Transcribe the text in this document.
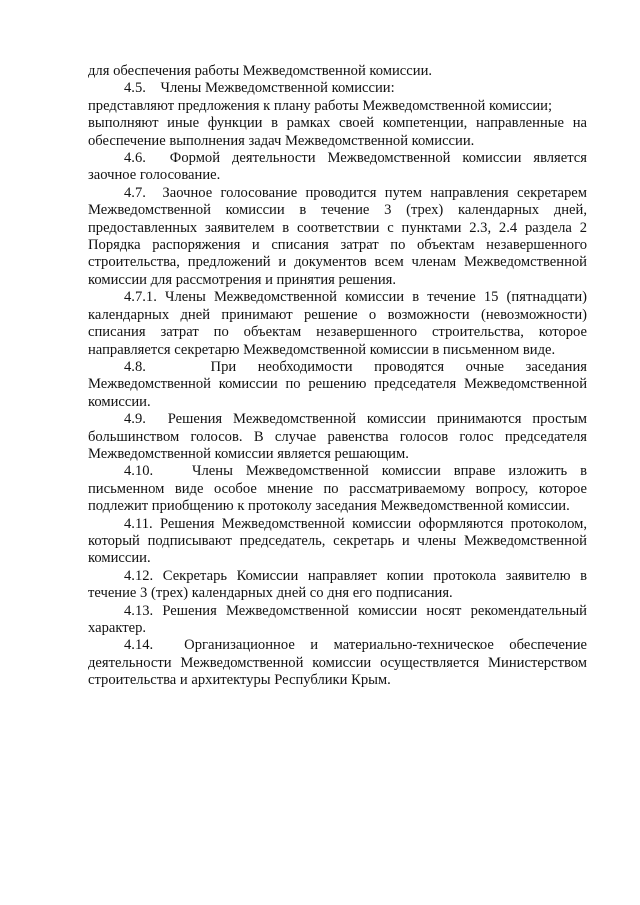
для обеспечения работы Межведомственной комиссии.

4.5.    Члены Межведомственной комиссии:

представляют предложения к плану работы Межведомственной комиссии;

выполняют иные функции в рамках своей компетенции, направленные на обеспечение выполнения задач Межведомственной комиссии.

4.6.  Формой деятельности Межведомственной комиссии является заочное голосование.

4.7.  Заочное голосование проводится путем направления секретарем Межведомственной комиссии в течение 3 (трех) календарных дней, предоставленных заявителем в соответствии с пунктами 2.3, 2.4 раздела 2 Порядка распоряжения и списания затрат по объектам незавершенного строительства, предложений и документов всем членам Межведомственной комиссии для рассмотрения и принятия решения.

4.7.1. Члены Межведомственной комиссии в течение 15 (пятнадцати) календарных дней принимают решение о возможности (невозможности) списания затрат по объектам незавершенного строительства, которое направляется секретарю Межведомственной комиссии в письменном виде.

4.8.   При необходимости проводятся очные заседания Межведомственной комиссии по решению председателя Межведомственной комиссии.

4.9.  Решения Межведомственной комиссии принимаются простым большинством голосов. В случае равенства голосов голос председателя Межведомственной комиссии является решающим.

4.10.   Члены Межведомственной комиссии вправе изложить в письменном виде особое мнение по рассматриваемому вопросу, которое подлежит приобщению к протоколу заседания Межведомственной комиссии.

4.11. Решения Межведомственной комиссии оформляются протоколом, который подписывают председатель, секретарь и члены Межведомственной комиссии.

4.12. Секретарь Комиссии направляет копии протокола заявителю в течение 3 (трех) календарных дней со дня его подписания.

4.13. Решения Межведомственной комиссии носят рекомендательный характер.

4.14.  Организационное и материально-техническое обеспечение деятельности Межведомственной комиссии осуществляется Министерством строительства и архитектуры Республики Крым.
